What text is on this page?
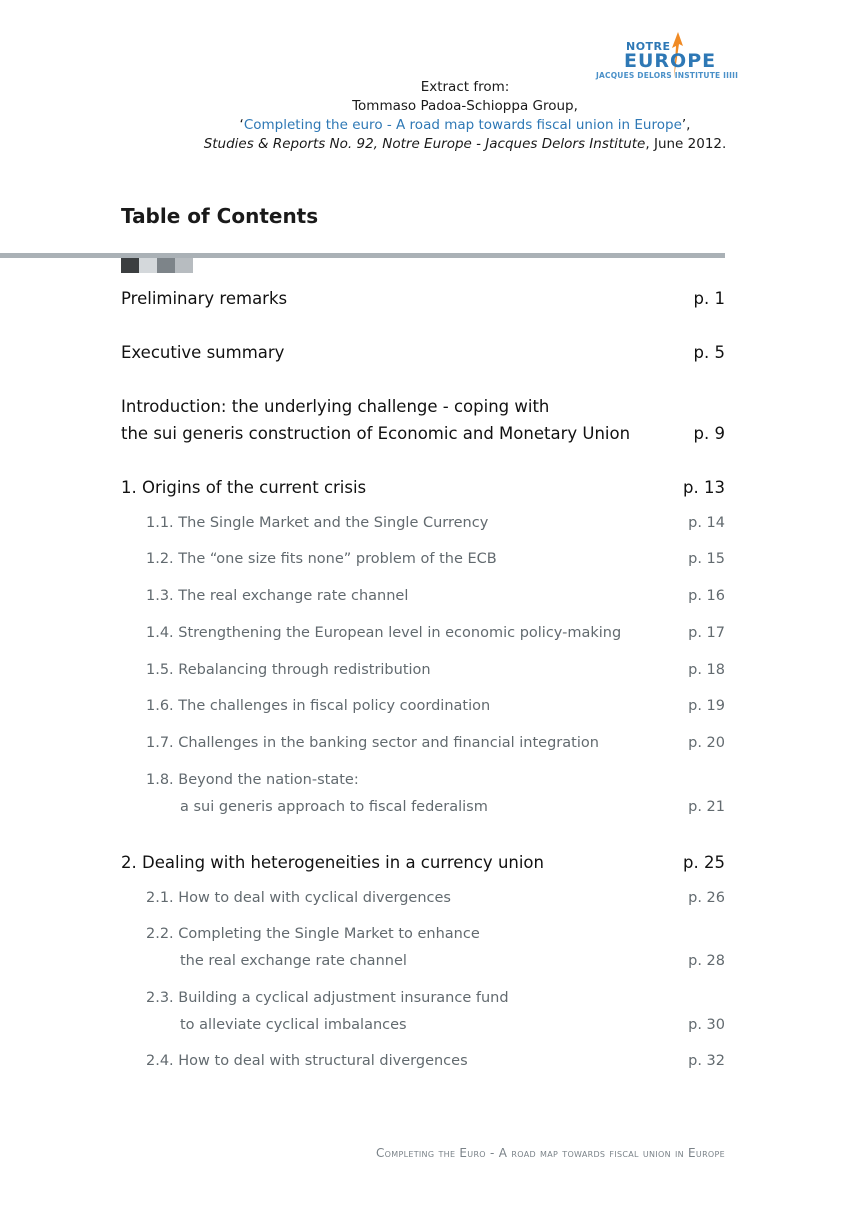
NOTRE
EUROPE
JACQUES DELORS INSTITUTE IIIII
Extract from:
Tommaso Padoa-Schioppa Group,
‘Completing the euro - A road map towards fiscal union in Europe’,
Studies & Reports No. 92, Notre Europe - Jacques Delors Institute, June 2012.
Table of Contents
Preliminary remarks	p. 1
Executive summary	p. 5
Introduction: the underlying challenge - coping with
the sui generis construction of Economic and Monetary Union	p. 9
1. Origins of the current crisis	p. 13
1.1. The Single Market and the Single Currency	p. 14
1.2. The “one size fits none” problem of the ECB	p. 15
1.3. The real exchange rate channel	p. 16
1.4. Strengthening the European level in economic policy-making	p. 17
1.5. Rebalancing through redistribution	p. 18
1.6. The challenges in fiscal policy coordination	p. 19
1.7. Challenges in the banking sector and financial integration	p. 20
1.8. Beyond the nation-state:
a sui generis approach to fiscal federalism	p. 21
2. Dealing with heterogeneities in a currency union	p. 25
2.1. How to deal with cyclical divergences	p. 26
2.2. Completing the Single Market to enhance
the real exchange rate channel	p. 28
2.3. Building a cyclical adjustment insurance fund
to alleviate cyclical imbalances	p. 30
2.4. How to deal with structural divergences	p. 32
Completing the Euro - A road map towards fiscal union in Europe
